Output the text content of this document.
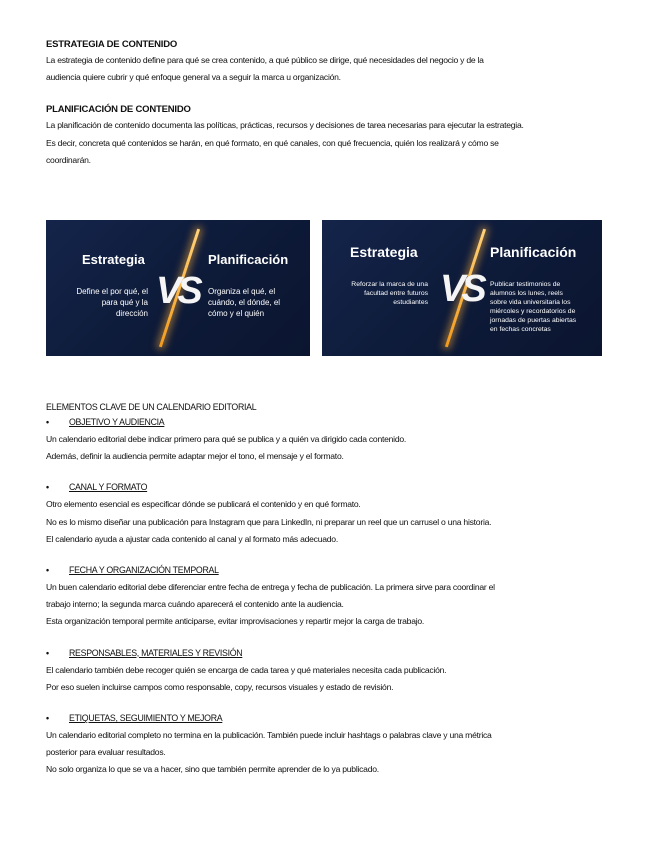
ESTRATEGIA DE CONTENIDO

La estrategia de contenido define para qué se crea contenido, a qué público se dirige, qué necesidades del negocio y de la

audiencia quiere cubrir y qué enfoque general va a seguir la marca u organización.

PLANIFICACIÓN DE CONTENIDO

La planificación de contenido documenta las políticas, prácticas, recursos y decisiones de tarea necesarias para ejecutar la estrategia.

Es decir, concreta qué contenidos se harán, en qué formato, en qué canales, con qué frecuencia, quién los realizará y cómo se

coordinarán.

Estrategia
Define el por qué, el
para qué y la
dirección
VS
Planificación
Organiza el qué, el
cuándo, el dónde, el
cómo y el quién
Estrategia
Reforzar la marca de una
facultad entre futuros
estudiantes VS
Planificación
Publicar testimonios de
alumnos los lunes, reels
sobre vida universitaria los
miércoles y recordatorios de
jornadas de puertas abiertas
en fechas concretas
ELEMENTOS CLAVE DE UN CALENDARIO EDITORIAL
•	OBJETIVO Y AUDIENCIA

Un calendario editorial debe indicar primero para qué se publica y a quién va dirigido cada contenido.

Además, definir la audiencia permite adaptar mejor el tono, el mensaje y el formato.

•	CANAL Y FORMATO

Otro elemento esencial es especificar dónde se publicará el contenido y en qué formato.

No es lo mismo diseñar una publicación para Instagram que para LinkedIn, ni preparar un reel que un carrusel o una historia.

El calendario ayuda a ajustar cada contenido al canal y al formato más adecuado.

•	FECHA Y ORGANIZACIÓN TEMPORAL

Un buen calendario editorial debe diferenciar entre fecha de entrega y fecha de publicación. La primera sirve para coordinar el

trabajo interno; la segunda marca cuándo aparecerá el contenido ante la audiencia.

Esta organización temporal permite anticiparse, evitar improvisaciones y repartir mejor la carga de trabajo.

•	RESPONSABLES, MATERIALES Y REVISIÓN

El calendario también debe recoger quién se encarga de cada tarea y qué materiales necesita cada publicación.

Por eso suelen incluirse campos como responsable, copy, recursos visuales y estado de revisión.

•	ETIQUETAS, SEGUIMIENTO Y MEJORA

Un calendario editorial completo no termina en la publicación. También puede incluir hashtags o palabras clave y una métrica

posterior para evaluar resultados.

No solo organiza lo que se va a hacer, sino que también permite aprender de lo ya publicado.
